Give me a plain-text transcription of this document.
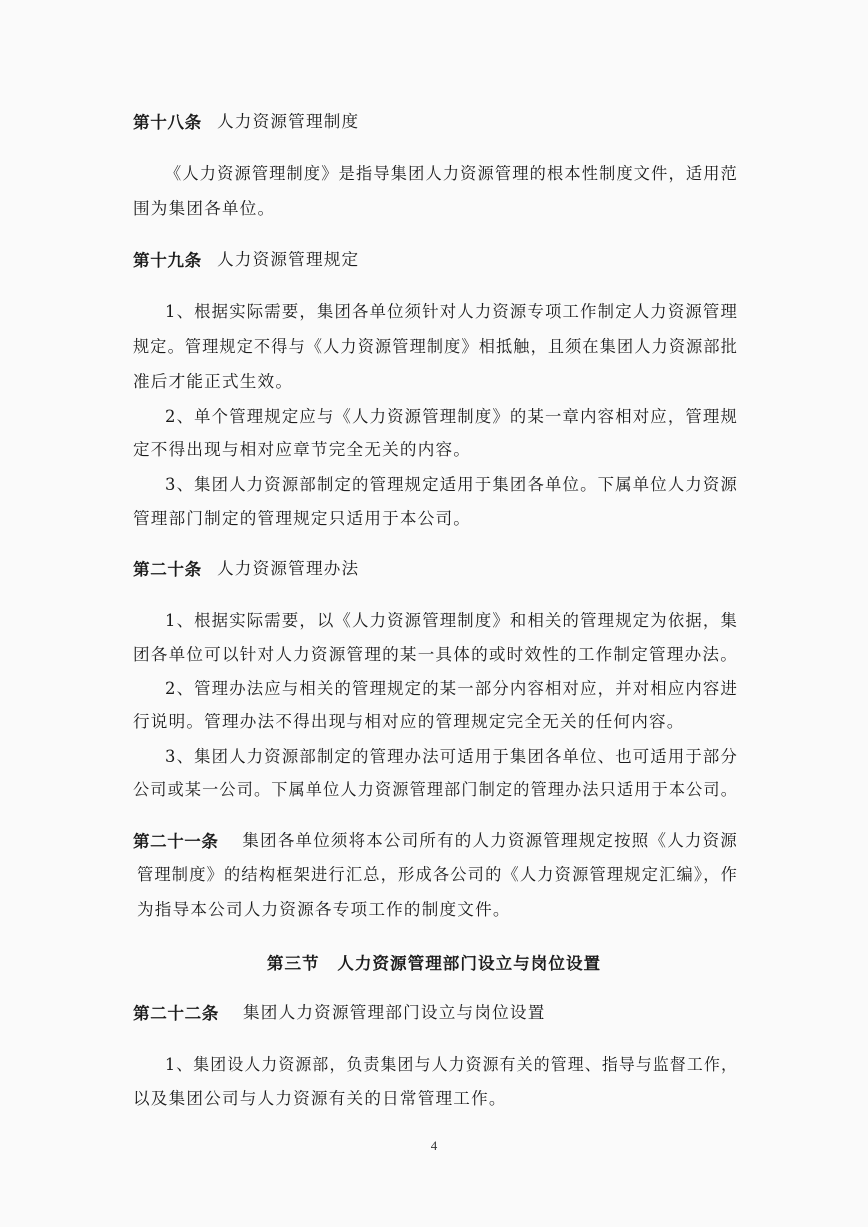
第十八条 人力资源管理制度
《人力资源管理制度》是指导集团人力资源管理的根本性制度文件，适用范
围为集团各单位。
第十九条 人力资源管理规定
1、根据实际需要，集团各单位须针对人力资源专项工作制定人力资源管理
规定。管理规定不得与《人力资源管理制度》相抵触，且须在集团人力资源部批
准后才能正式生效。
2、单个管理规定应与《人力资源管理制度》的某一章内容相对应，管理规
定不得出现与相对应章节完全无关的内容。
3、集团人力资源部制定的管理规定适用于集团各单位。下属单位人力资源
管理部门制定的管理规定只适用于本公司。
第二十条 人力资源管理办法
1、根据实际需要，以《人力资源管理制度》和相关的管理规定为依据，集
团各单位可以针对人力资源管理的某一具体的或时效性的工作制定管理办法。
2、管理办法应与相关的管理规定的某一部分内容相对应，并对相应内容进
行说明。管理办法不得出现与相对应的管理规定完全无关的任何内容。
3、集团人力资源部制定的管理办法可适用于集团各单位、也可适用于部分
公司或某一公司。下属单位人力资源管理部门制定的管理办法只适用于本公司。
第二十一条 集团各单位须将本公司所有的人力资源管理规定按照《人力资源
管理制度》的结构框架进行汇总，形成各公司的《人力资源管理规定汇编》，作
为指导本公司人力资源各专项工作的制度文件。
第三节　人力资源管理部门设立与岗位设置
第二十二条 集团人力资源管理部门设立与岗位设置
1、集团设人力资源部，负责集团与人力资源有关的管理、指导与监督工作，
以及集团公司与人力资源有关的日常管理工作。
4
